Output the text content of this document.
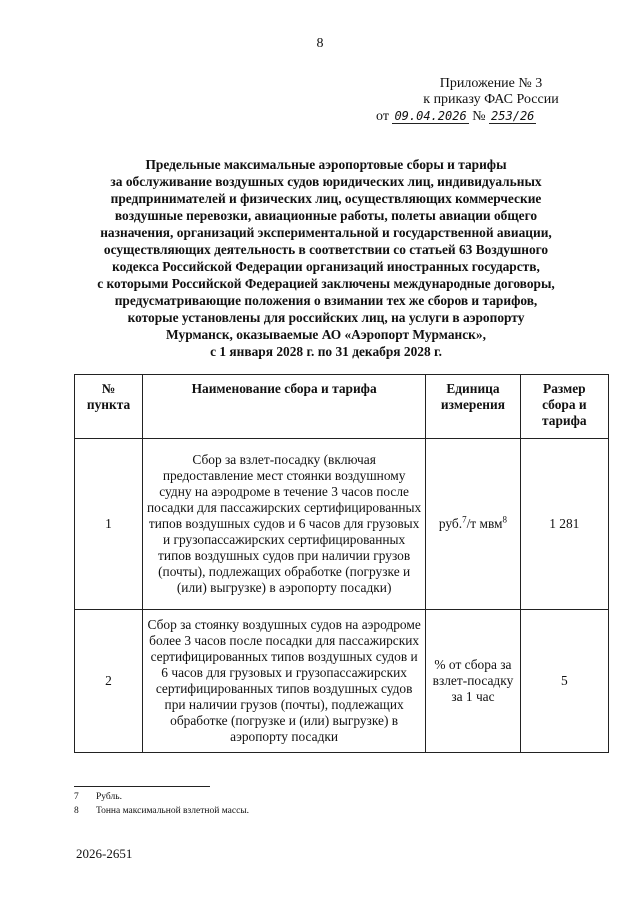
8
Приложение № 3
к приказу ФАС России
от 09.04.2026 № 253/26
Предельные максимальные аэропортовые сборы и тарифы
за обслуживание воздушных судов юридических лиц, индивидуальных
предпринимателей и физических лиц, осуществляющих коммерческие
воздушные перевозки, авиационные работы, полеты авиации общего
назначения, организаций экспериментальной и государственной авиации,
осуществляющих деятельность в соответствии со статьей 63 Воздушного
кодекса Российской Федерации организаций иностранных государств,
с которыми Российской Федерацией заключены международные договоры,
предусматривающие положения о взимании тех же сборов и тарифов,
которые установлены для российских лиц, на услуги в аэропорту
Мурманск, оказываемые АО «Аэропорт Мурманск»,
с 1 января 2028 г. по 31 декабря 2028 г.
№ пункта	Наименование сбора и тарифа	Единица измерения	Размер сбора и тарифа
1	Сбор за взлет-посадку (включая предоставление мест стоянки воздушному судну на аэродроме в течение 3 часов после посадки для пассажирских сертифицированных типов воздушных судов и 6 часов для грузовых и грузопассажирских сертифицированных типов воздушных судов при наличии грузов (почты), подлежащих обработке (погрузке и (или) выгрузке) в аэропорту посадки)	руб.$^7$/т мвм$^8$	1 281
2	Сбор за стоянку воздушных судов на аэродроме более 3 часов после посадки для пассажирских сертифицированных типов воздушных судов и 6 часов для грузовых и грузопассажирских сертифицированных типов воздушных судов при наличии грузов (почты), подлежащих обработке (погрузке и (или) выгрузке) в аэропорту посадки	% от сбора за взлет-посадку за 1 час	5
7	Рубль.
8	Тонна максимальной взлетной массы.
2026-2651
